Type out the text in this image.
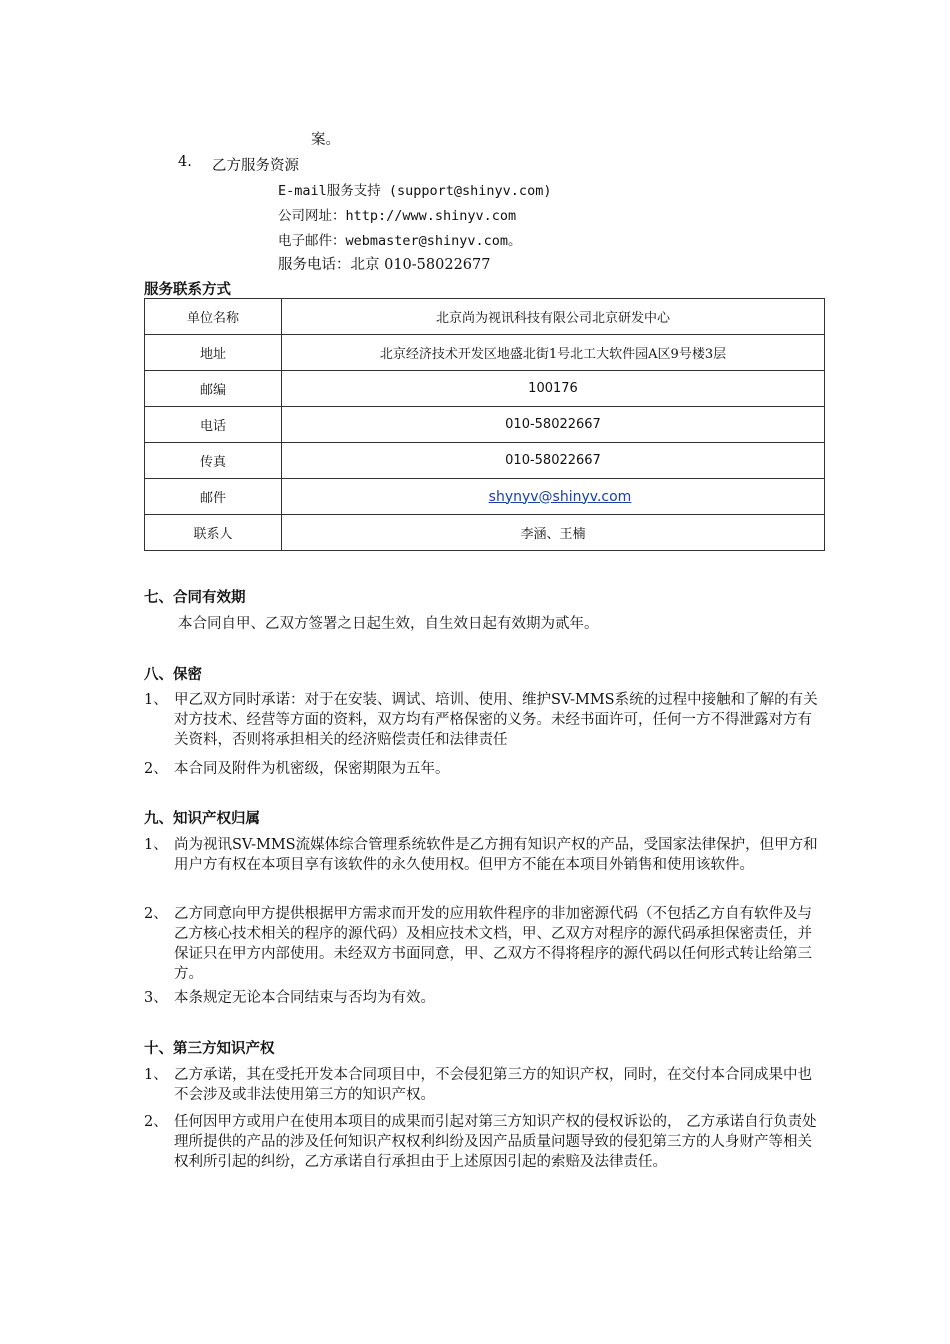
案。
4. 乙方服务资源
E-mail服务支持 (support@shinyv.com)
公司网址：http://www.shinyv.com
电子邮件：webmaster@shinyv.com。
服务电话：北京 010-58022677
服务联系方式
单位名称	北京尚为视讯科技有限公司北京研发中心
地址	北京经济技术开发区地盛北街1号北工大软件园A区9号楼3层
邮编	100176
电话	010-58022667
传真	010-58022667
邮件	shynyv@shinyv.com
联系人	李涵、王楠
七、合同有效期
本合同自甲、乙双方签署之日起生效，自生效日起有效期为贰年。
八、保密
1、 甲乙双方同时承诺：对于在安装、调试、培训、使用、维护SV-MMS系统的过程中接触和了解的有关对方技术、经营等方面的资料，双方均有严格保密的义务。未经书面许可，任何一方不得泄露对方有关资料，否则将承担相关的经济赔偿责任和法律责任
2、 本合同及附件为机密级，保密期限为五年。
九、知识产权归属
1、 尚为视讯SV-MMS流媒体综合管理系统软件是乙方拥有知识产权的产品，受国家法律保护，但甲方和用户方有权在本项目享有该软件的永久使用权。但甲方不能在本项目外销售和使用该软件。
2、 乙方同意向甲方提供根据甲方需求而开发的应用软件程序的非加密源代码（不包括乙方自有软件及与乙方核心技术相关的程序的源代码）及相应技术文档，甲、乙双方对程序的源代码承担保密责任，并保证只在甲方内部使用。未经双方书面同意，甲、乙双方不得将程序的源代码以任何形式转让给第三方。
3、 本条规定无论本合同结束与否均为有效。
十、第三方知识产权
1、 乙方承诺，其在受托开发本合同项目中，不会侵犯第三方的知识产权，同时，在交付本合同成果中也不会涉及或非法使用第三方的知识产权。
2、 任何因甲方或用户在使用本项目的成果而引起对第三方知识产权的侵权诉讼的， 乙方承诺自行负责处理所提供的产品的涉及任何知识产权权利纠纷及因产品质量问题导致的侵犯第三方的人身财产等相关权利所引起的纠纷，乙方承诺自行承担由于上述原因引起的索赔及法律责任。
